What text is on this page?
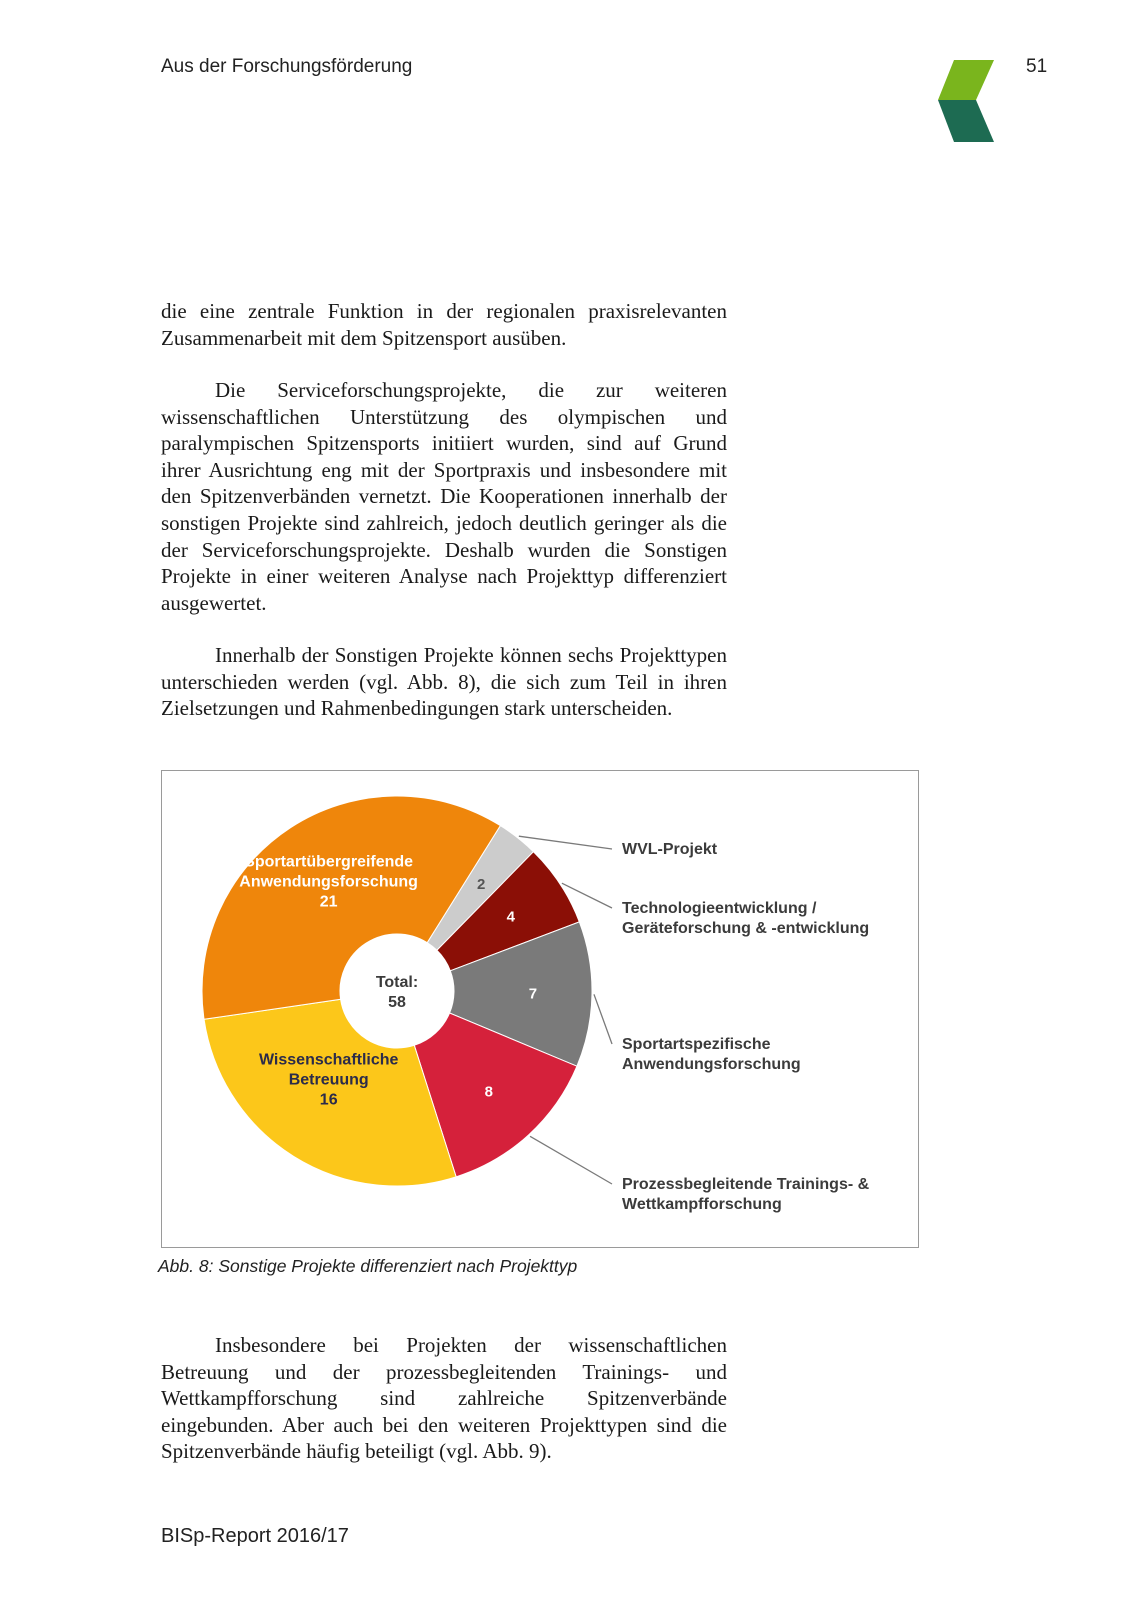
Aus der Forschungsförderung	51

die eine zentrale Funktion in der regionalen praxisrelevanten Zusammenarbeit mit dem Spitzensport ausüben.

Die Serviceforschungsprojekte, die zur weiteren wissenschaftlichen Unterstützung des olympischen und paralympischen Spitzensports initiiert wurden, sind auf Grund ihrer Ausrichtung eng mit der Sportpraxis und insbesondere mit den Spitzenverbänden vernetzt. Die Kooperationen innerhalb der sonstigen Projekte sind zahlreich, jedoch deutlich geringer als die der Serviceforschungsprojekte. Deshalb wurden die Sonstigen Projekte in einer weiteren Analyse nach Projekttyp differenziert ausgewertet.

Innerhalb der Sonstigen Projekte können sechs Projekttypen unterschieden werden (vgl. Abb. 8), die sich zum Teil in ihren Zielsetzungen und Rahmenbedingungen stark unterscheiden.

2
WVL-Projekt
4
Technologieentwicklung / Geräteforschung & -entwicklung
7
Sportartspezifische Anwendungsforschung
8
Prozessbegleitende Trainings- & Wettkampfforschung
Wissenschaftliche Betreuung 16
Sportartübergreifende Anwendungsforschung 21
Total: 58
Abb. 8: Sonstige Projekte differenziert nach Projekttyp

Insbesondere bei Projekten der wissenschaftlichen Betreuung und der prozessbegleitenden Trainings- und Wettkampfforschung sind zahlreiche Spitzenverbände eingebunden. Aber auch bei den weiteren Projekttypen sind die Spitzenverbände häufig beteiligt (vgl. Abb. 9).

BISp-Report 2016/17
